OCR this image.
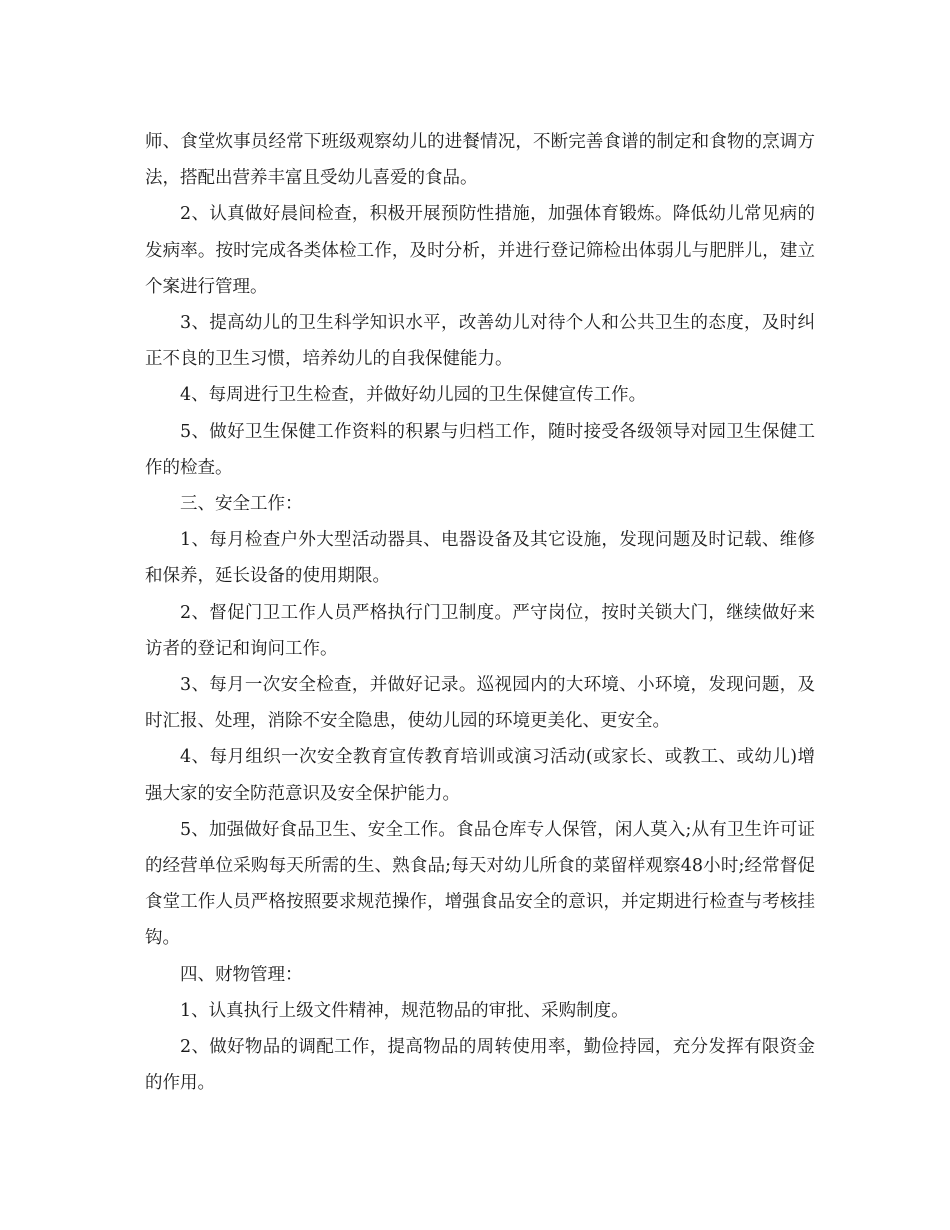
师、食堂炊事员经常下班级观察幼儿的进餐情况，不断完善食谱的制定和食物的烹调方法，搭配出营养丰富且受幼儿喜爱的食品。

2、认真做好晨间检查，积极开展预防性措施，加强体育锻炼。降低幼儿常见病的发病率。按时完成各类体检工作，及时分析，并进行登记筛检出体弱儿与肥胖儿，建立个案进行管理。

3、提高幼儿的卫生科学知识水平，改善幼儿对待个人和公共卫生的态度，及时纠正不良的卫生习惯，培养幼儿的自我保健能力。

4、每周进行卫生检查，并做好幼儿园的卫生保健宣传工作。

5、做好卫生保健工作资料的积累与归档工作，随时接受各级领导对园卫生保健工作的检查。

三、安全工作：

1、每月检查户外大型活动器具、电器设备及其它设施，发现问题及时记载、维修和保养，延长设备的使用期限。

2、督促门卫工作人员严格执行门卫制度。严守岗位，按时关锁大门，继续做好来访者的登记和询问工作。

3、每月一次安全检查，并做好记录。巡视园内的大环境、小环境，发现问题，及时汇报、处理，消除不安全隐患，使幼儿园的环境更美化、更安全。

4、每月组织一次安全教育宣传教育培训或演习活动(或家长、或教工、或幼儿)增强大家的安全防范意识及安全保护能力。

5、加强做好食品卫生、安全工作。食品仓库专人保管，闲人莫入;从有卫生许可证的经营单位采购每天所需的生、熟食品;每天对幼儿所食的菜留样观察48小时;经常督促食堂工作人员严格按照要求规范操作，增强食品安全的意识，并定期进行检查与考核挂钩。

四、财物管理：

1、认真执行上级文件精神，规范物品的审批、采购制度。

2、做好物品的调配工作，提高物品的周转使用率，勤俭持园，充分发挥有限资金的作用。
